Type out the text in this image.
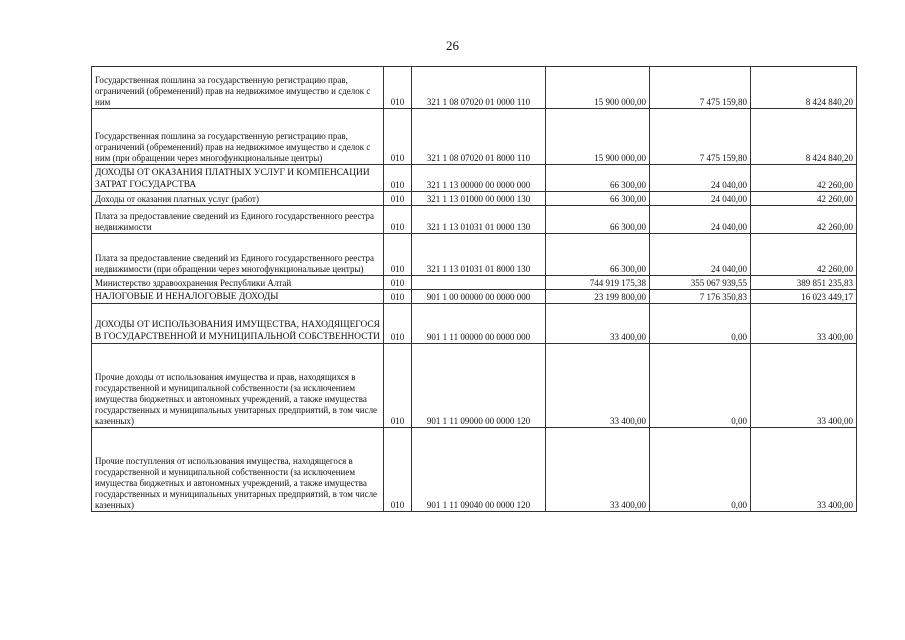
26
Государственная пошлина за государственную регистрацию прав, ограничений (обременений) прав на недвижимое имущество и сделок с ним	010	321 1 08 07020 01 0000 110	15 900 000,00	7 475 159,80	8 424 840,20
Государственная пошлина за государственную регистрацию прав, ограничений (обременений) прав на недвижимое имущество и сделок с ним (при обращении через многофункциональные центры)	010	321 1 08 07020 01 8000 110	15 900 000,00	7 475 159,80	8 424 840,20
ДОХОДЫ ОТ ОКАЗАНИЯ ПЛАТНЫХ УСЛУГ И КОМПЕНСАЦИИ ЗАТРАТ ГОСУДАРСТВА	010	321 1 13 00000 00 0000 000	66 300,00	24 040,00	42 260,00
Доходы от оказания платных услуг (работ)	010	321 1 13 01000 00 0000 130	66 300,00	24 040,00	42 260,00
Плата за предоставление сведений из Единого государственного реестра недвижимости	010	321 1 13 01031 01 0000 130	66 300,00	24 040,00	42 260,00
Плата за предоставление сведений из Единого государственного реестра недвижимости (при обращении через многофункциональные центры)	010	321 1 13 01031 01 8000 130	66 300,00	24 040,00	42 260,00
Министерство здравоохранения Республики Алтай	010		744 919 175,38	355 067 939,55	389 851 235,83
НАЛОГОВЫЕ И НЕНАЛОГОВЫЕ ДОХОДЫ	010	901 1 00 00000 00 0000 000	23 199 800,00	7 176 350,83	16 023 449,17
ДОХОДЫ ОТ ИСПОЛЬЗОВАНИЯ ИМУЩЕСТВА, НАХОДЯЩЕГОСЯ В ГОСУДАРСТВЕННОЙ И МУНИЦИПАЛЬНОЙ СОБСТВЕННОСТИ	010	901 1 11 00000 00 0000 000	33 400,00	0,00	33 400,00
Прочие доходы от использования имущества и прав, находящихся в государственной и муниципальной собственности (за исключением имущества бюджетных и автономных учреждений, а также имущества государственных и муниципальных унитарных предприятий, в том числе казенных)	010	901 1 11 09000 00 0000 120	33 400,00	0,00	33 400,00
Прочие поступления от использования имущества, находящегося в государственной и муниципальной собственности (за исключением имущества бюджетных и автономных учреждений, а также имущества государственных и муниципальных унитарных предприятий, в том числе казенных)	010	901 1 11 09040 00 0000 120	33 400,00	0,00	33 400,00
